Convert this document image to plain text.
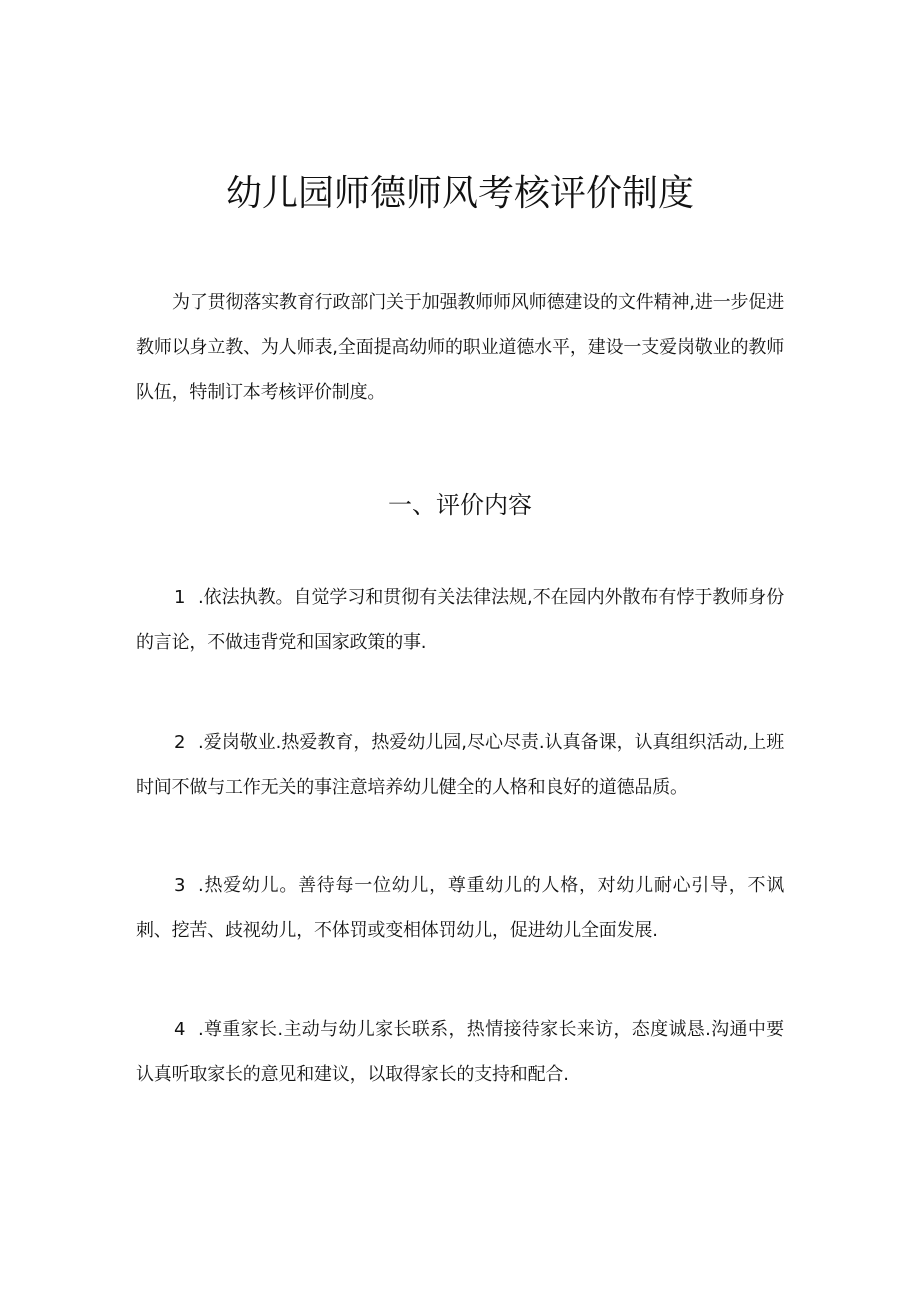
幼儿园师德师风考核评价制度

为了贯彻落实教育行政部门关于加强教师师风师德建设的文件精神,进一步促进教师以身立教、为人师表,全面提高幼师的职业道德水平，建设一支爱岗敬业的教师队伍，特制订本考核评价制度。

一、评价内容

1 .依法执教。自觉学习和贯彻有关法律法规,不在园内外散布有悖于教师身份的言论，不做违背党和国家政策的事.

2 .爱岗敬业.热爱教育，热爱幼儿园,尽心尽责.认真备课，认真组织活动,上班时间不做与工作无关的事注意培养幼儿健全的人格和良好的道德品质。

3 .热爱幼儿。善待每一位幼儿，尊重幼儿的人格，对幼儿耐心引导，不讽刺、挖苦、歧视幼儿，不体罚或变相体罚幼儿，促进幼儿全面发展.

4 .尊重家长.主动与幼儿家长联系，热情接待家长来访，态度诚恳.沟通中要认真听取家长的意见和建议，以取得家长的支持和配合.
